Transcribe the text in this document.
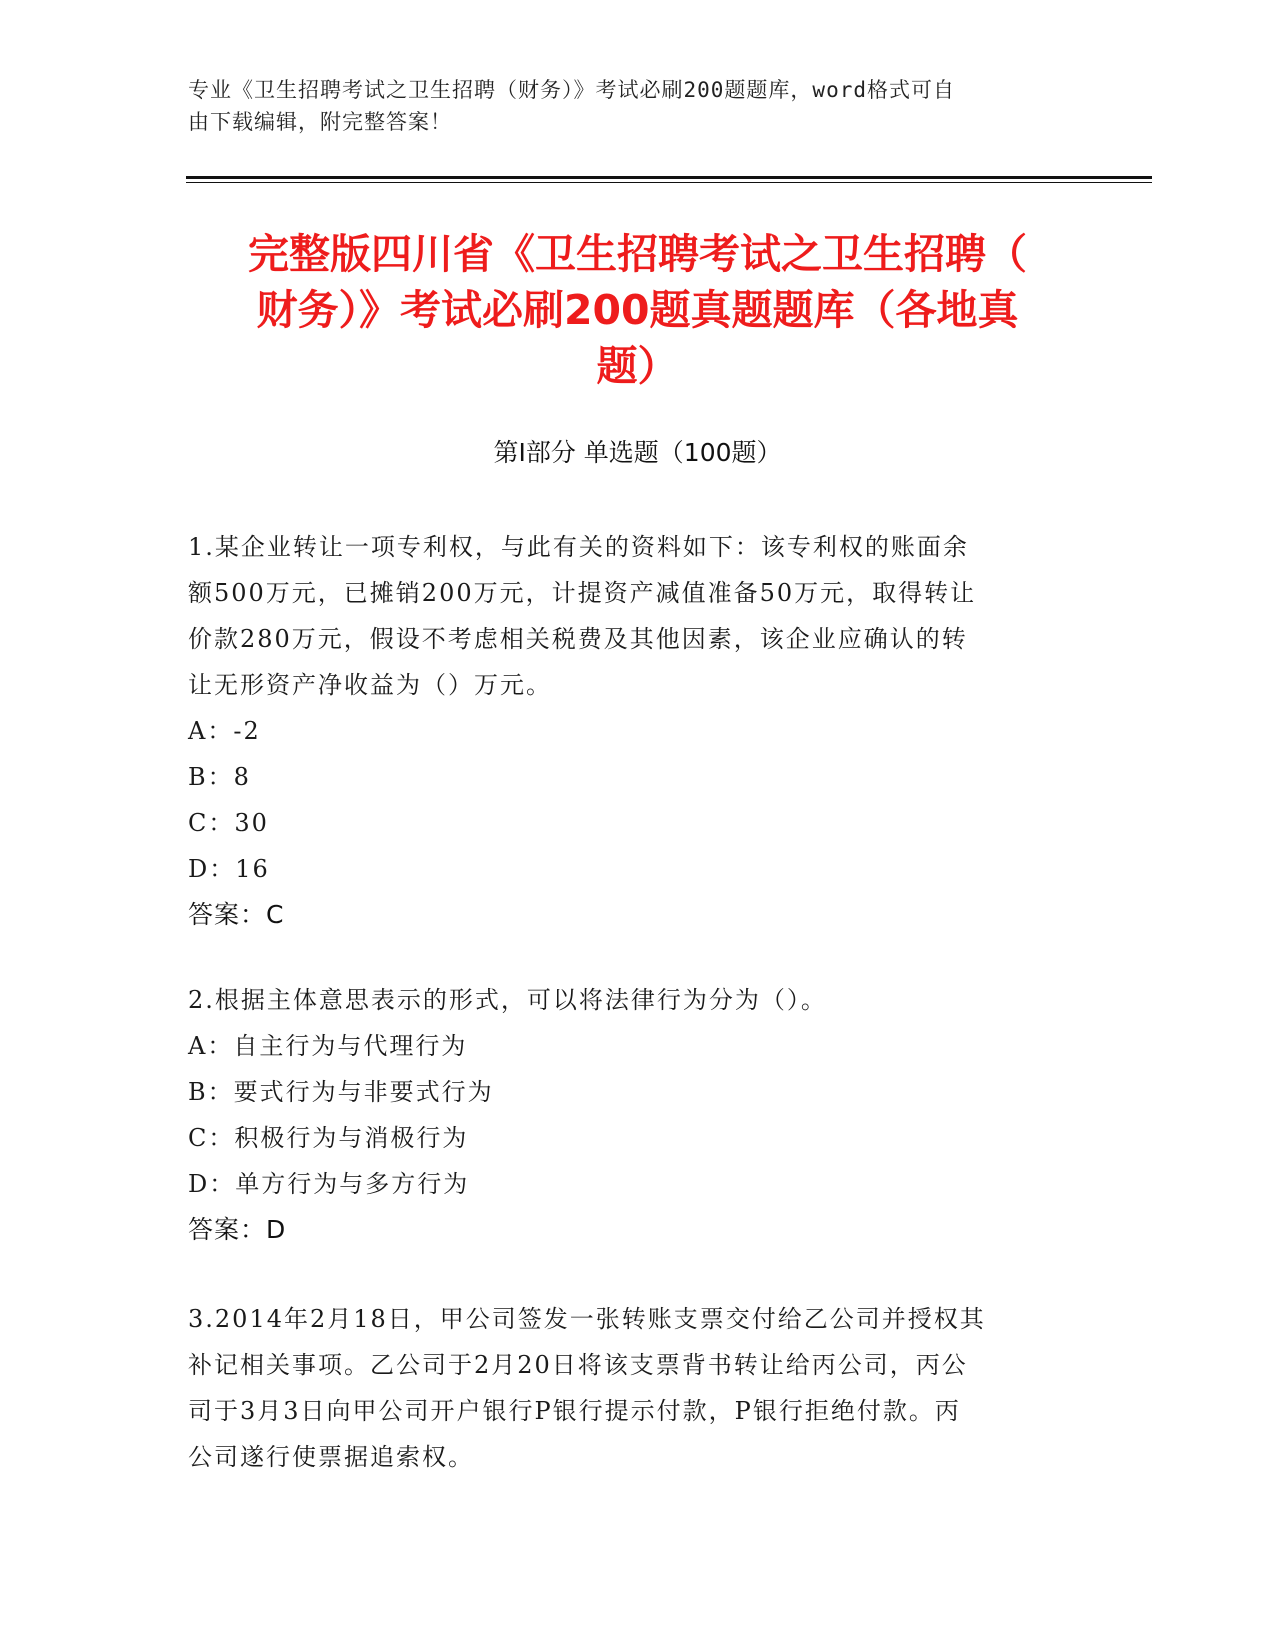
专业《卫生招聘考试之卫生招聘（财务）》考试必刷200题题库，word格式可自
由下载编辑，附完整答案！
完整版四川省《卫生招聘考试之卫生招聘（
财务）》考试必刷200题真题题库（各地真
题）
第I部分 单选题（100题）

1.某企业转让一项专利权，与此有关的资料如下：该专利权的账面余

额500万元，已摊销200万元，计提资产减值准备50万元，取得转让

价款280万元，假设不考虑相关税费及其他因素，该企业应确认的转

让无形资产净收益为（）万元。

A：-2

B：8

C：30

D：16

答案：C

2.根据主体意思表示的形式，可以将法律行为分为（）。

A：自主行为与代理行为

B：要式行为与非要式行为

C：积极行为与消极行为

D：单方行为与多方行为

答案：D

3.2014年2月18日，甲公司签发一张转账支票交付给乙公司并授权其

补记相关事项。乙公司于2月20日将该支票背书转让给丙公司，丙公

司于3月3日向甲公司开户银行P银行提示付款，P银行拒绝付款。丙

公司遂行使票据追索权。
